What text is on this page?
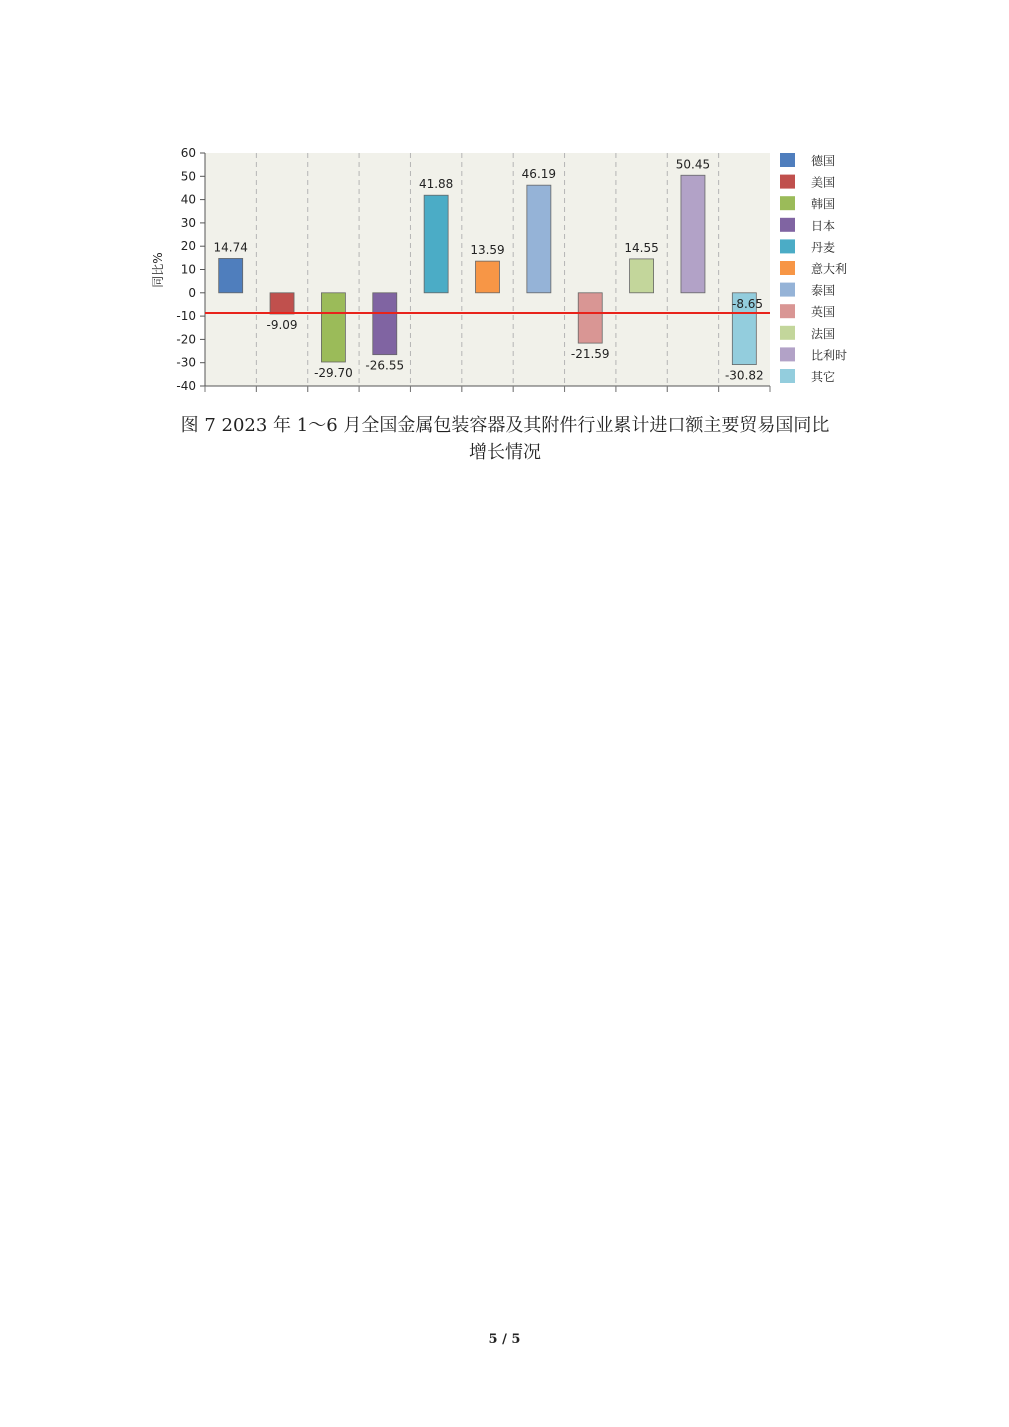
60
50
40
30
20
10
0
-10
-20
-30
-40
-8.65
14.74
-9.09
-29.70
-26.55
41.88
13.59
46.19
-21.59
14.55
50.45
-30.82
同比%
德国
美国
韩国
日本
丹麦
意大利
泰国
英国
法国
比利时
其它
图 7 2023 年 1～6 月全国金属包装容器及其附件行业累计进口额主要贸易国同比
增长情况
5 / 5
